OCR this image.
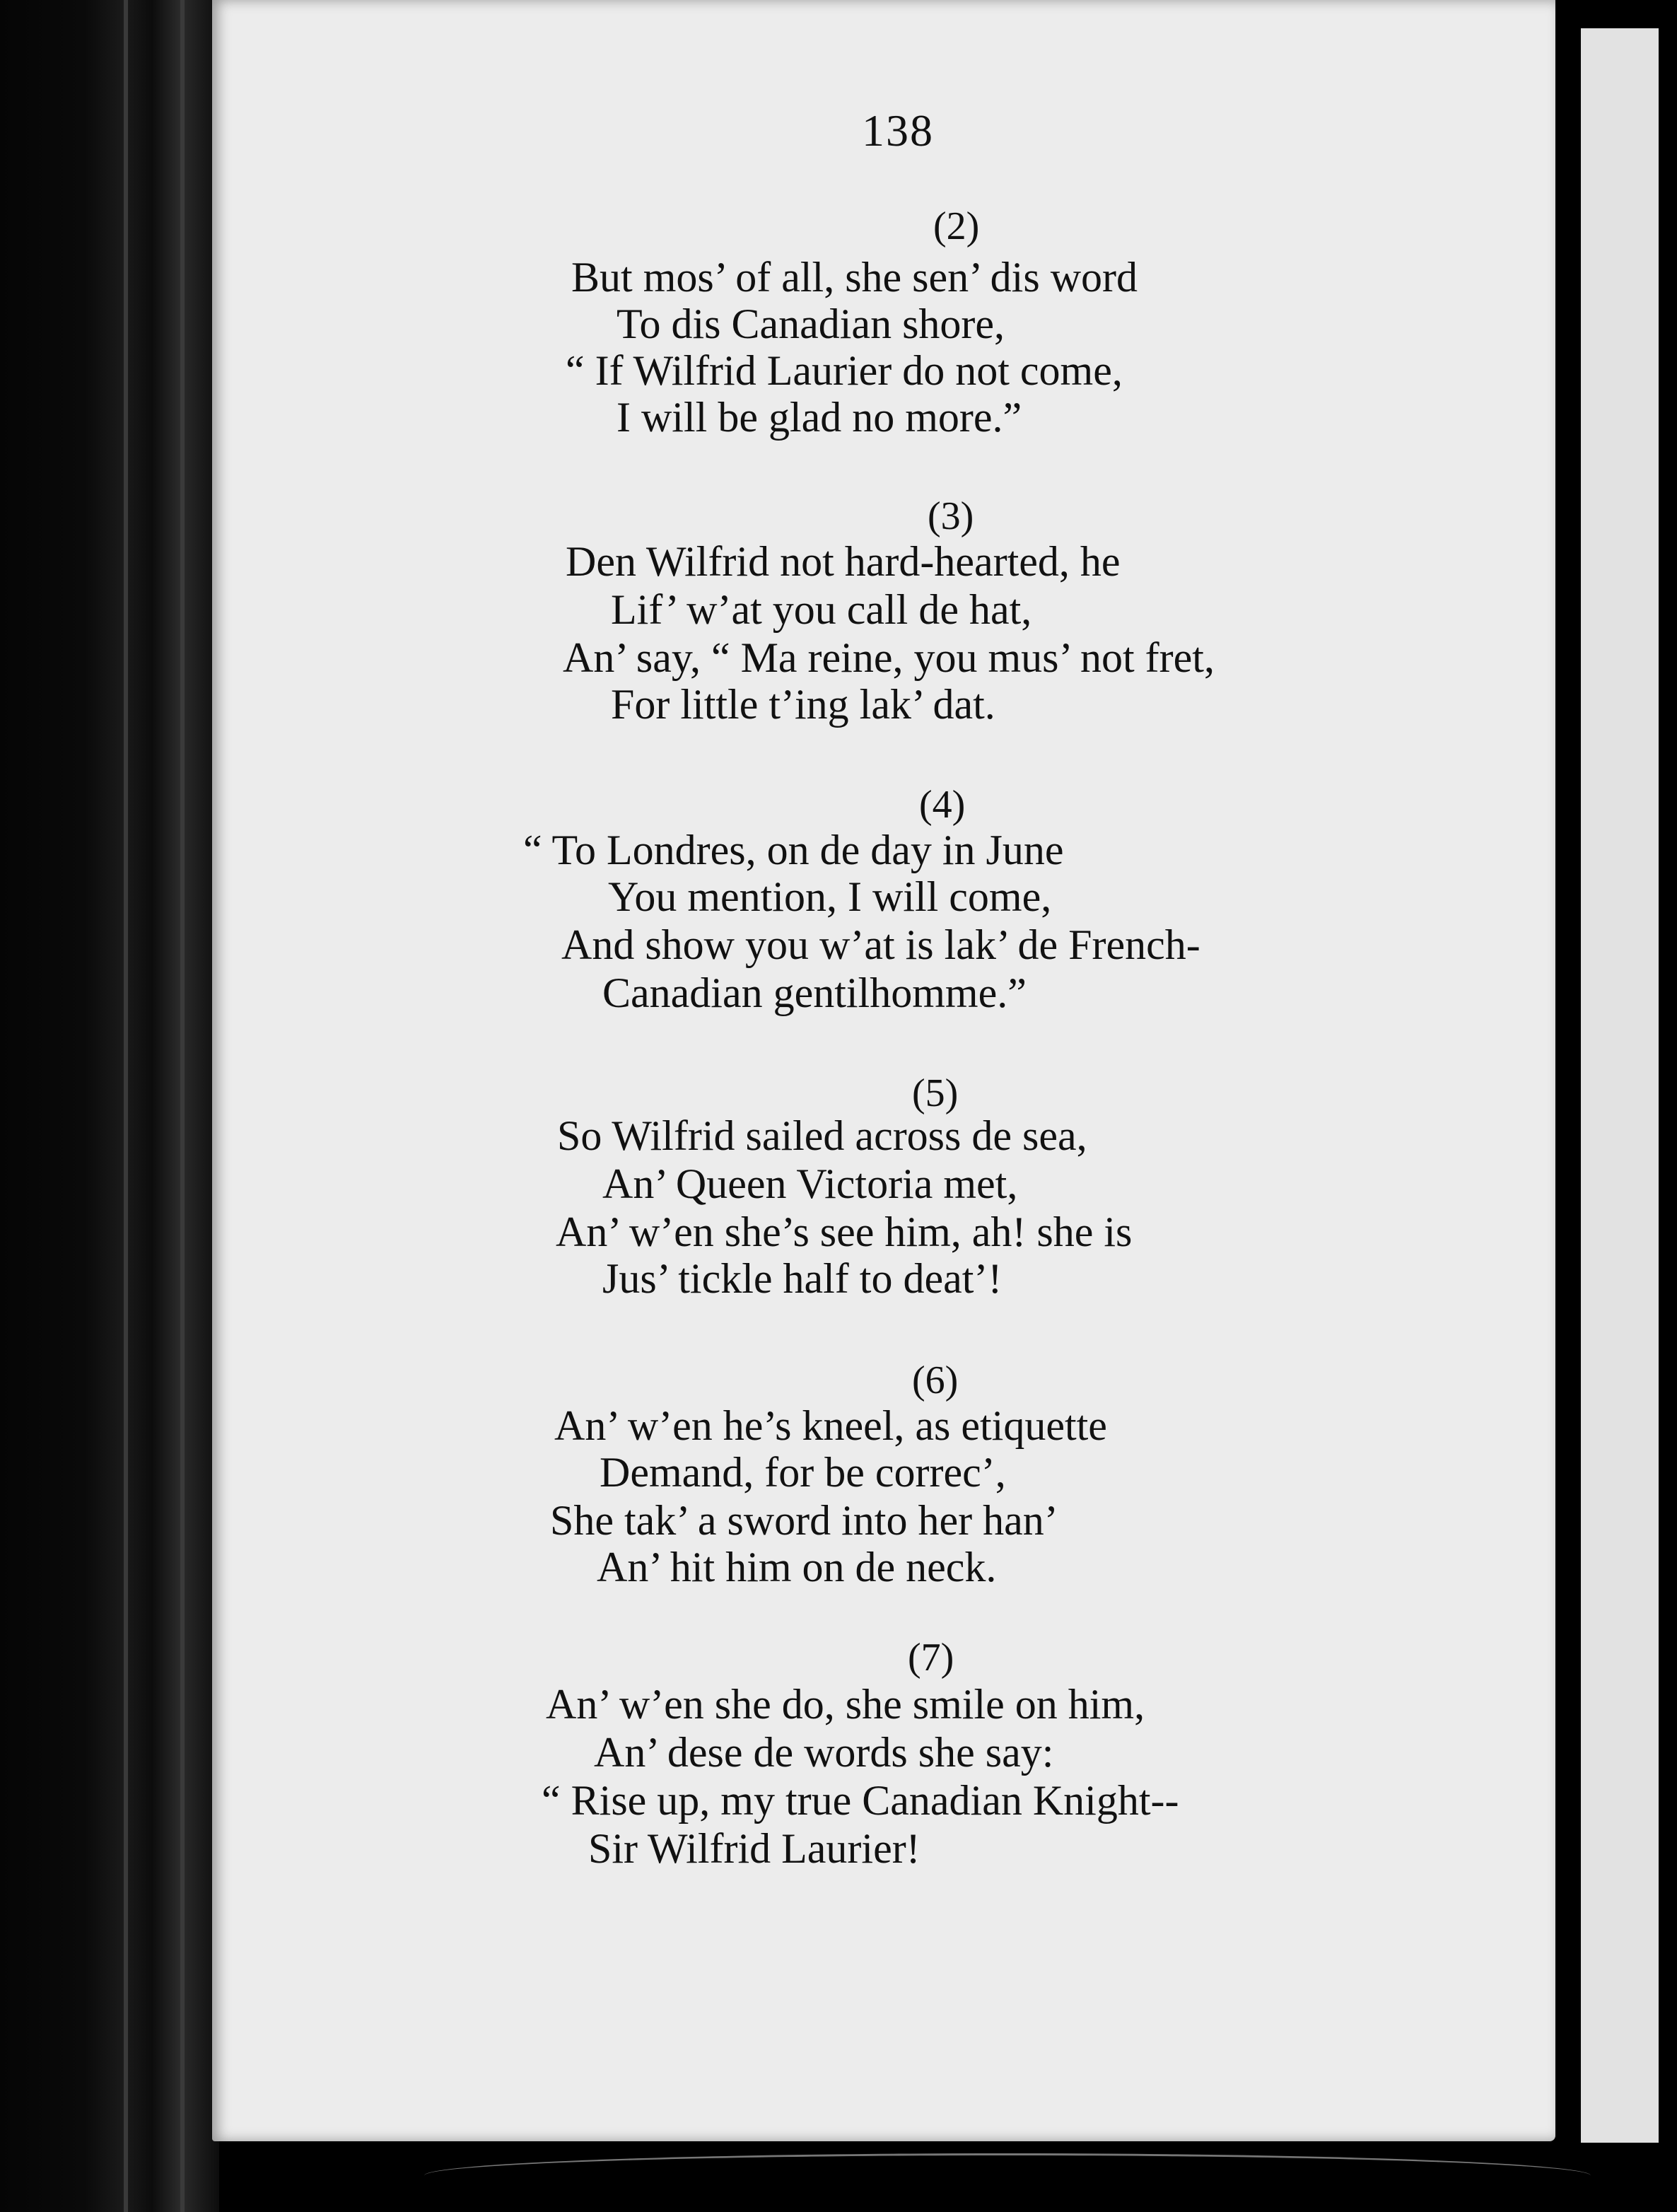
138
(2)
But mos’ of all, she sen’ dis word
To dis Canadian shore,
“ If Wilfrid Laurier do not come,
I will be glad no more.”
(3)
Den Wilfrid not hard-hearted, he
Lif’ w’at you call de hat,
An’ say, “ Ma reine, you mus’ not fret,
For little t’ing lak’ dat.
(4)
“ To Londres, on de day in June
You mention, I will come,
And show you w’at is lak’ de French-
Canadian gentilhomme.”
(5)
So Wilfrid sailed across de sea,
An’ Queen Victoria met,
An’ w’en she’s see him, ah! she is
Jus’ tickle half to deat’!
(6)
An’ w’en he’s kneel, as etiquette
Demand, for be correc’,
She tak’ a sword into her han’
An’ hit him on de neck.
(7)
An’ w’en she do, she smile on him,
An’ dese de words she say:
“ Rise up, my true Canadian Knight--
Sir Wilfrid Laurier!
